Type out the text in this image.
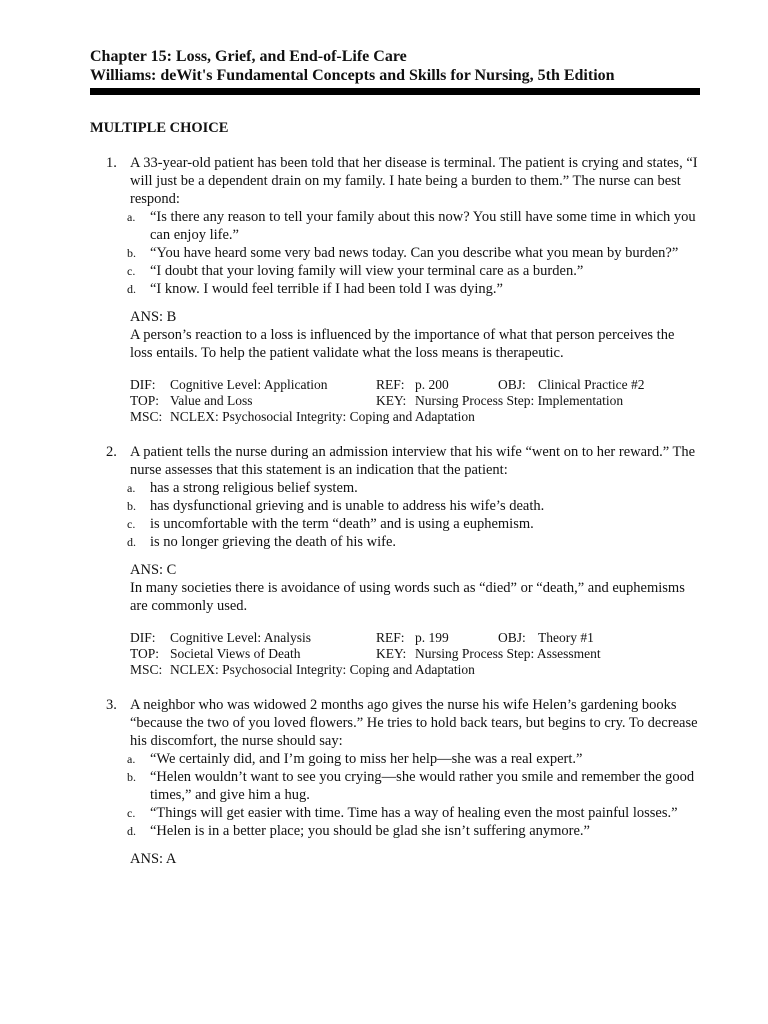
Chapter 15: Loss, Grief, and End-of-Life Care
Williams: deWit's Fundamental Concepts and Skills for Nursing, 5th Edition
MULTIPLE CHOICE
1. A 33-year-old patient has been told that her disease is terminal. The patient is crying and states, “I will just be a dependent drain on my family. I hate being a burden to them.” The nurse can best respond:
a. “Is there any reason to tell your family about this now? You still have some time in which you can enjoy life.”
b. “You have heard some very bad news today. Can you describe what you mean by burden?”
c. “I doubt that your loving family will view your terminal care as a burden.”
d. “I know. I would feel terrible if I had been told I was dying.”
ANS: B
A person’s reaction to a loss is influenced by the importance of what that person perceives the loss entails. To help the patient validate what the loss means is therapeutic.
DIF: Cognitive Level: Application	REF: p. 200	OBJ: Clinical Practice #2
TOP: Value and Loss	KEY: Nursing Process Step: Implementation
MSC: NCLEX: Psychosocial Integrity: Coping and Adaptation
2. A patient tells the nurse during an admission interview that his wife “went on to her reward.” The nurse assesses that this statement is an indication that the patient:
a. has a strong religious belief system.
b. has dysfunctional grieving and is unable to address his wife’s death.
c. is uncomfortable with the term “death” and is using a euphemism.
d. is no longer grieving the death of his wife.
ANS: C
In many societies there is avoidance of using words such as “died” or “death,” and euphemisms are commonly used.
DIF: Cognitive Level: Analysis	REF: p. 199	OBJ: Theory #1
TOP: Societal Views of Death	KEY: Nursing Process Step: Assessment
MSC: NCLEX: Psychosocial Integrity: Coping and Adaptation
3. A neighbor who was widowed 2 months ago gives the nurse his wife Helen’s gardening books “because the two of you loved flowers.” He tries to hold back tears, but begins to cry. To decrease his discomfort, the nurse should say:
a. “We certainly did, and I’m going to miss her help—she was a real expert.”
b. “Helen wouldn’t want to see you crying—she would rather you smile and remember the good times,” and give him a hug.
c. “Things will get easier with time. Time has a way of healing even the most painful losses.”
d. “Helen is in a better place; you should be glad she isn’t suffering anymore.”
ANS: A
